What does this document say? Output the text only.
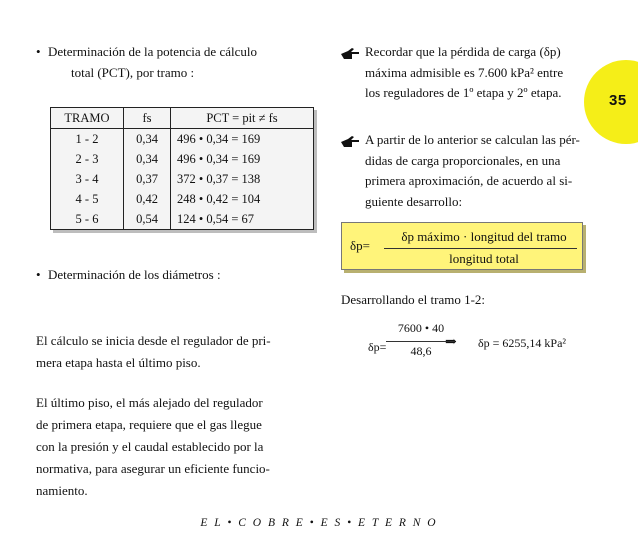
35
• Determinación de la potencia de cálculo
total (PCT), por tramo :
TRAMO	fs	PCT = pit ≠ fs
1 - 2	0,34	496 • 0,34 = 169
2 - 3	0,34	496 • 0,34 = 169
3 - 4	0,37	372 • 0,37 = 138
4 - 5	0,42	248 • 0,42 = 104
5 - 6	0,54	124 • 0,54 = 67
• Determinación de los diámetros :
El cálculo se inicia desde el regulador de pri-
mera etapa hasta el último piso.
El último piso, el más alejado del regulador
de primera etapa, requiere que el gas llegue
con la presión y el caudal establecido por la
normativa, para asegurar un eficiente funcio-
namiento.
Recordar que la pérdida de carga (δp)
máxima admisible es 7.600 kPa² entre
los reguladores de 1º etapa y 2º etapa.
A partir de lo anterior se calculan las pér-
didas de carga proporcionales, en una
primera aproximación, de acuerdo al si-
guiente desarrollo:
δp=
δp máximo · longitud del tramo
longitud total
Desarrollando el tramo 1-2:
δp=
7600 • 40
48,6
⇒ δp = 6255,14 kPa²
E L • C O B R E • E S • E T E R N O
